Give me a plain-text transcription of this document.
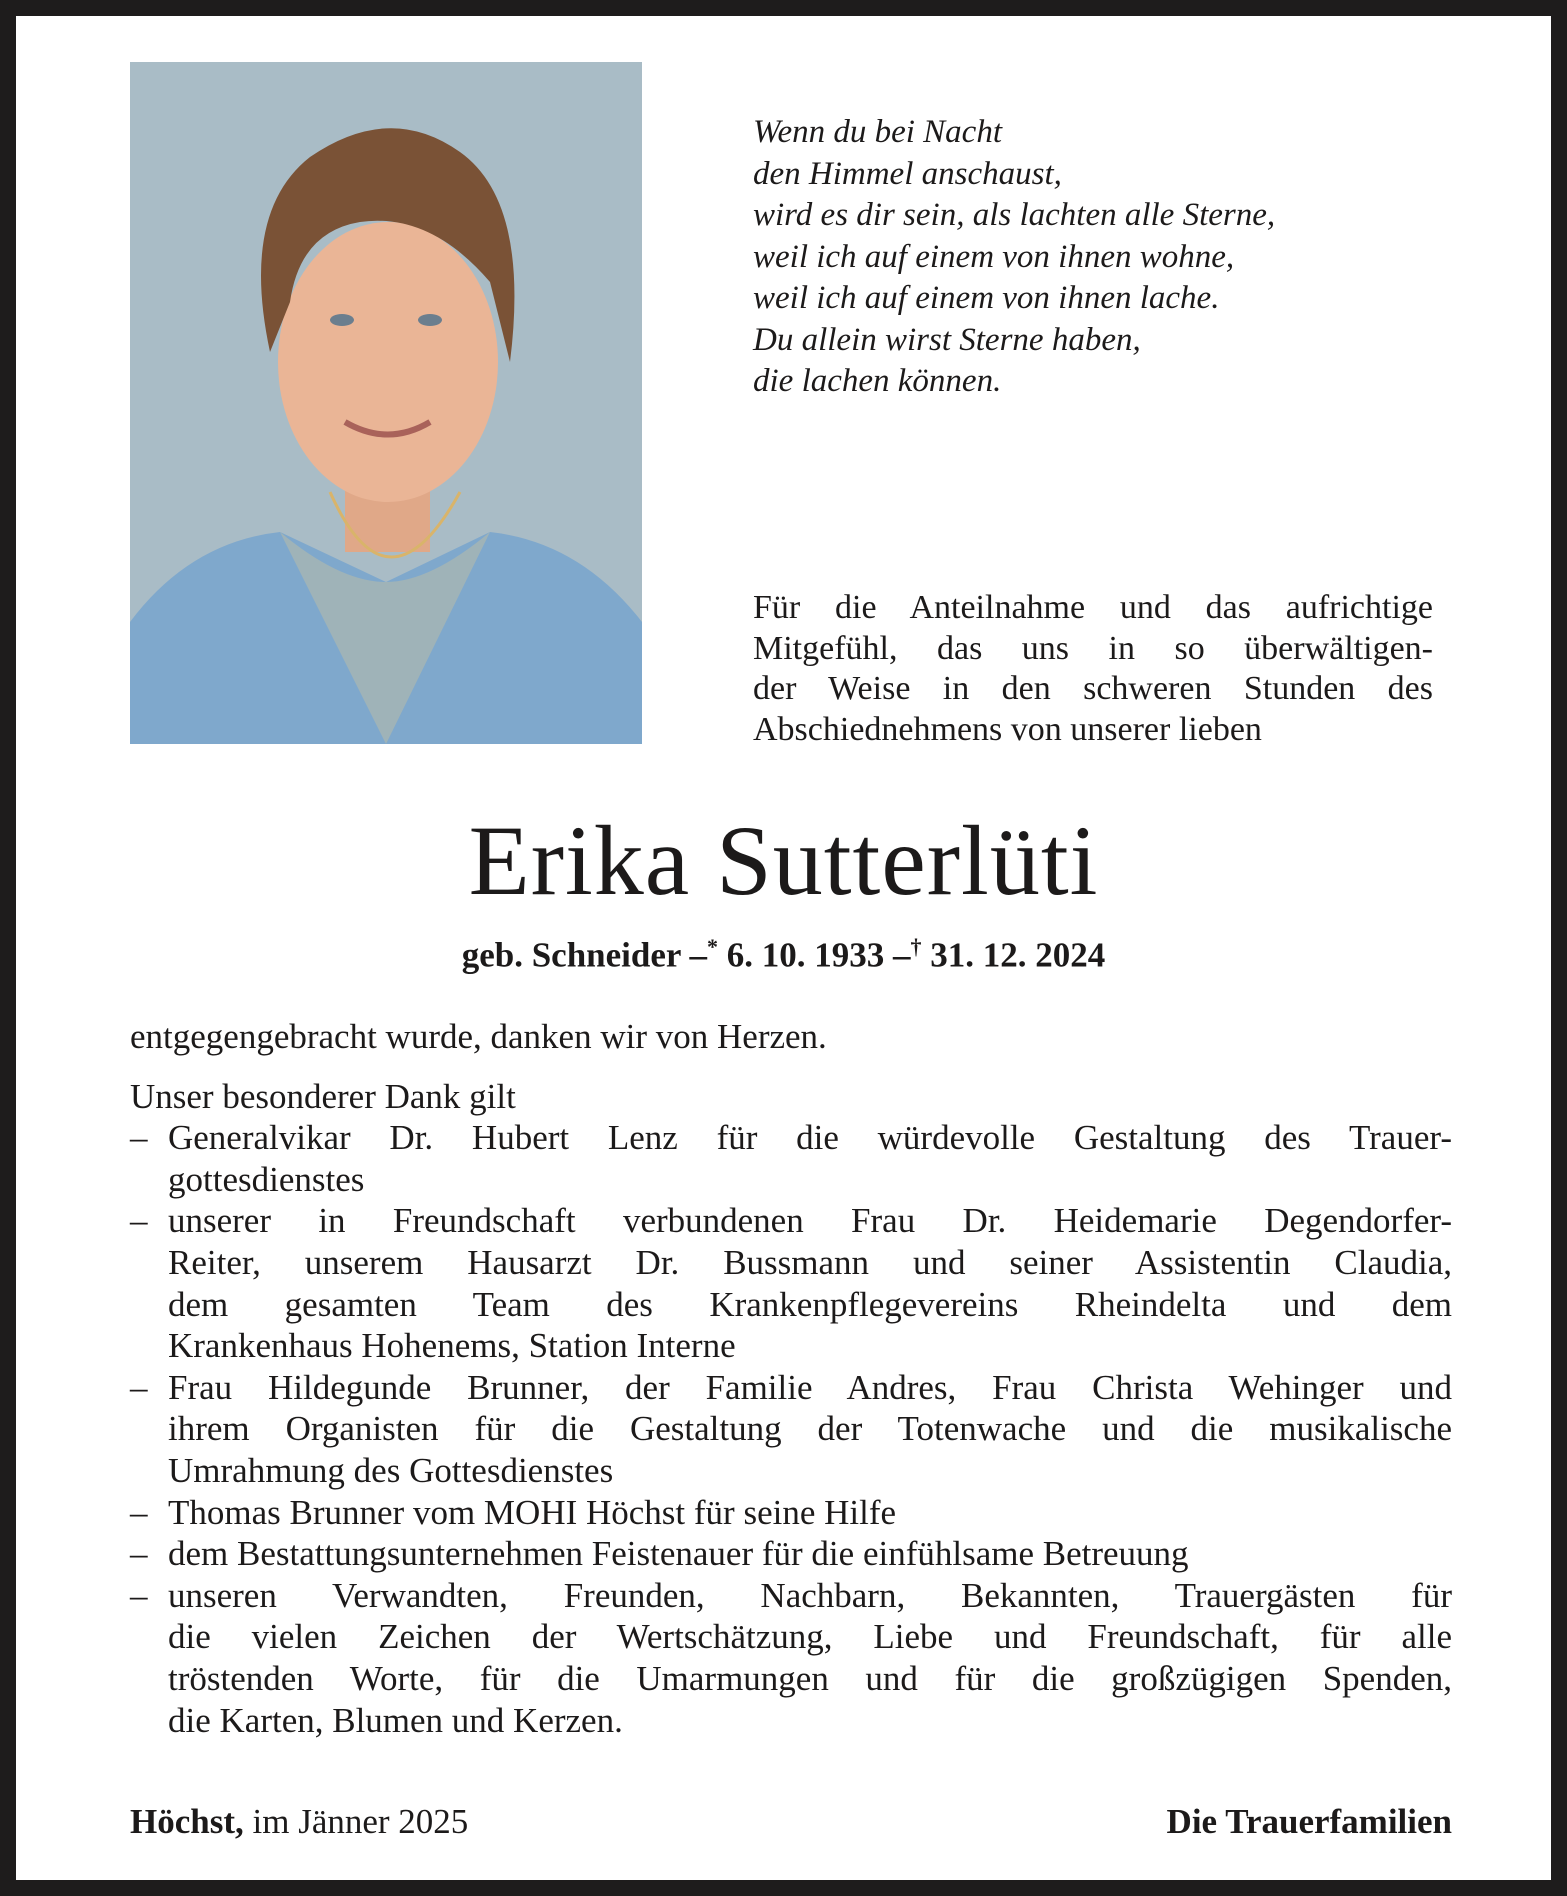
Wenn du bei Nacht
den Himmel anschaust,
wird es dir sein, als lachten alle Sterne,
weil ich auf einem von ihnen wohne,
weil ich auf einem von ihnen lache.
Du allein wirst Sterne haben,
die lachen können.
Für die Anteilnahme und das aufrichtige
Mitgefühl, das uns in so überwältigen-
der Weise in den schweren Stunden des
Abschiednehmens von unserer lieben
Erika Sutterlüti
geb. Schneider –* 6. 10. 1933 –† 31. 12. 2024
entgegengebracht wurde, danken wir von Herzen.
Unser besonderer Dank gilt
– Generalvikar Dr. Hubert Lenz für die würdevolle Gestaltung des Trauer-
gottesdienstes
– unserer in Freundschaft verbundenen Frau Dr. Heidemarie Degendorfer-
Reiter, unserem Hausarzt Dr. Bussmann und seiner Assistentin Claudia,
dem gesamten Team des Krankenpflegevereins Rheindelta und dem
Krankenhaus Hohenems, Station Interne
– Frau Hildegunde Brunner, der Familie Andres, Frau Christa Wehinger und
ihrem Organisten für die Gestaltung der Totenwache und die musikalische
Umrahmung des Gottesdienstes
– Thomas Brunner vom MOHI Höchst für seine Hilfe
– dem Bestattungsunternehmen Feistenauer für die einfühlsame Betreuung
– unseren Verwandten, Freunden, Nachbarn, Bekannten, Trauergästen für
die vielen Zeichen der Wertschätzung, Liebe und Freundschaft, für alle
tröstenden Worte, für die Umarmungen und für die großzügigen Spenden,
die Karten, Blumen und Kerzen.
Höchst, im Jänner 2025	Die Trauerfamilien
